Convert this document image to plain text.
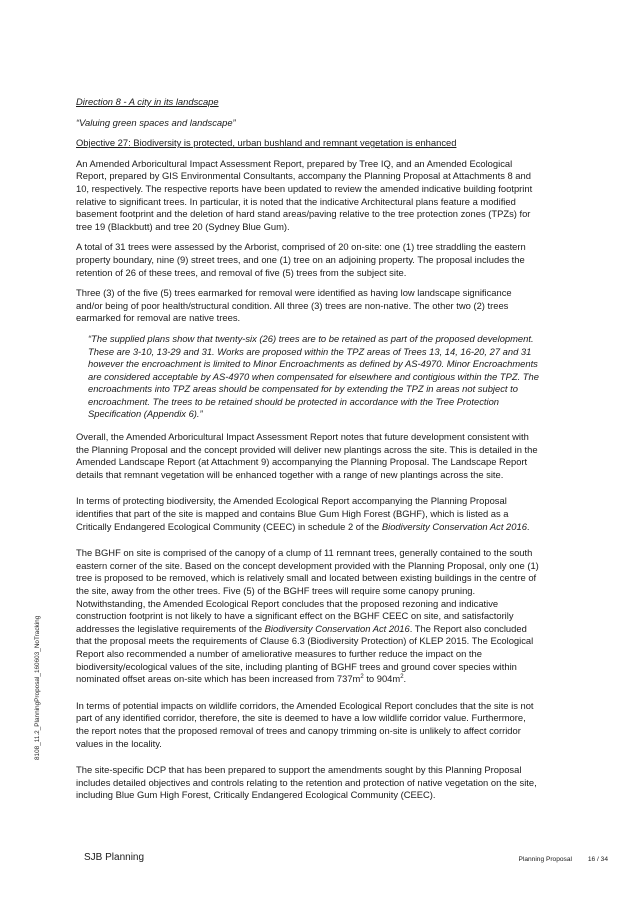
Direction 8 - A city in its landscape

“Valuing green spaces and landscape”

Objective 27: Biodiversity is protected, urban bushland and remnant vegetation is enhanced

An Amended Arboricultural Impact Assessment Report, prepared by Tree IQ, and an Amended Ecological Report, prepared by GIS Environmental Consultants, accompany the Planning Proposal at Attachments 8 and 10, respectively. The respective reports have been updated to review the amended indicative building footprint relative to significant trees. In particular, it is noted that the indicative Architectural plans feature a modified basement footprint and the deletion of hard stand areas/paving relative to the tree protection zones (TPZs) for tree 19 (Blackbutt) and tree 20 (Sydney Blue Gum).

A total of 31 trees were assessed by the Arborist, comprised of 20 on-site: one (1) tree straddling the eastern property boundary, nine (9) street trees, and one (1) tree on an adjoining property. The proposal includes the retention of 26 of these trees, and removal of five (5) trees from the subject site.

Three (3) of the five (5) trees earmarked for removal were identified as having low landscape significance and/or being of poor health/structural condition. All three (3) trees are non-native. The other two (2) trees earmarked for removal are native trees.

“The supplied plans show that twenty-six (26) trees are to be retained as part of the proposed development. These are 3-10, 13-29 and 31. Works are proposed within the TPZ areas of Trees 13, 14, 16-20, 27 and 31 however the encroachment is limited to Minor Encroachments as defined by AS-4970. Minor Encroachments are considered acceptable by AS-4970 when compensated for elsewhere and contigious within the TPZ. The encroachments into TPZ areas should be compensated for by extending the TPZ in areas not subject to encroachment. The trees to be retained should be protected in accordance with the Tree Protection Specification (Appendix 6).”

Overall, the Amended Arboricultural Impact Assessment Report notes that future development consistent with the Planning Proposal and the concept provided will deliver new plantings across the site. This is detailed in the Amended Landscape Report (at Attachment 9) accompanying the Planning Proposal. The Landscape Report details that remnant vegetation will be enhanced together with a range of new plantings across the site.

In terms of protecting biodiversity, the Amended Ecological Report accompanying the Planning Proposal identifies that part of the site is mapped and contains Blue Gum High Forest (BGHF), which is listed as a Critically Endangered Ecological Community (CEEC) in schedule 2 of the Biodiversity Conservation Act 2016.

The BGHF on site is comprised of the canopy of a clump of 11 remnant trees, generally contained to the south eastern corner of the site. Based on the concept development provided with the Planning Proposal, only one (1) tree is proposed to be removed, which is relatively small and located between existing buildings in the centre of the site, away from the other trees. Five (5) of the BGHF trees will require some canopy pruning. Notwithstanding, the Amended Ecological Report concludes that the proposed rezoning and indicative construction footprint is not likely to have a significant effect on the BGHF CEEC on site, and satisfactorily addresses the legislative requirements of the Biodiversity Conservation Act 2016. The Report also concluded that the proposal meets the requirements of Clause 6.3 (Biodiversity Protection) of KLEP 2015. The Ecological Report also recommended a number of ameliorative measures to further reduce the impact on the biodiversity/ecological values of the site, including planting of BGHF trees and ground cover species within nominated offset areas on-site which has been increased from $737m^2$ to $904m^2$.

In terms of potential impacts on wildlife corridors, the Amended Ecological Report concludes that the site is not part of any identified corridor, therefore, the site is deemed to have a low wildlife corridor value. Furthermore, the report notes that the proposed removal of trees and canopy trimming on-site is unlikely to affect corridor values in the locality.

The site-specific DCP that has been prepared to support the amendments sought by this Planning Proposal includes detailed objectives and controls relating to the retention and protection of native vegetation on the site, including Blue Gum High Forest, Critically Endangered Ecological Community (CEEC).

8108_11.2_PlanningProposal_160603_NoTracking
SJB Planning	Planning Proposal 16 / 34
